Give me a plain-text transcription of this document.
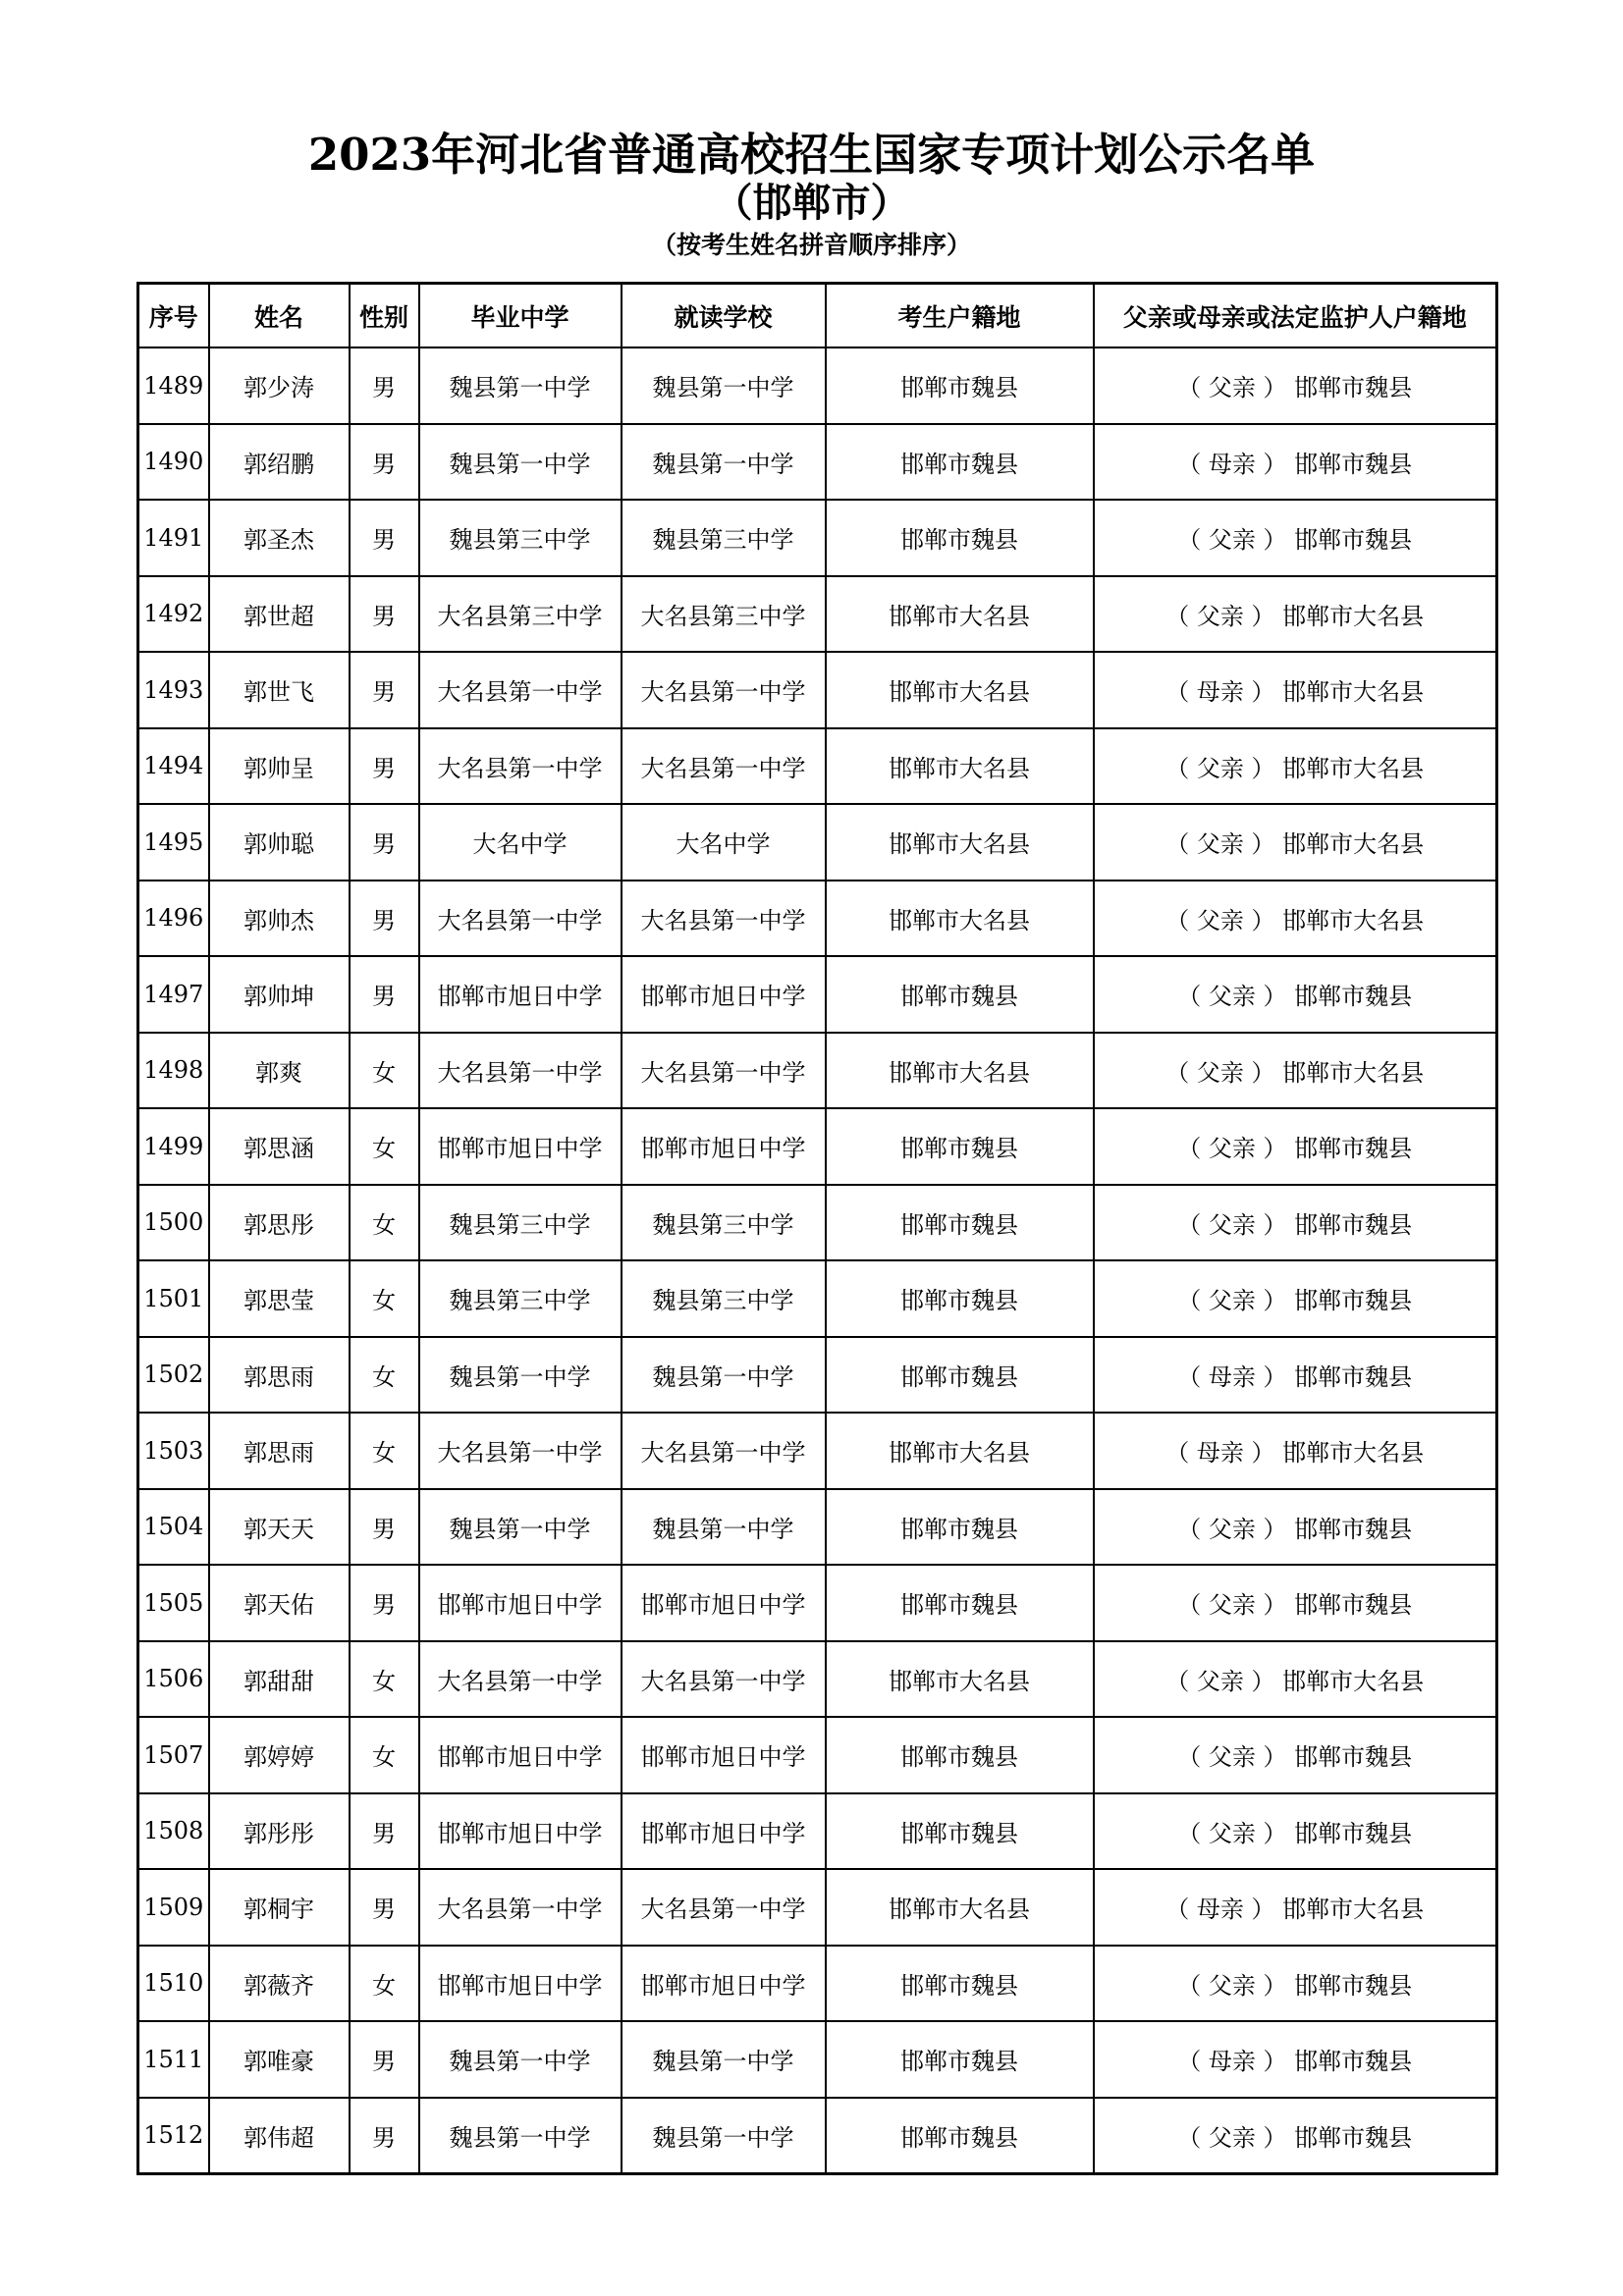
2023年河北省普通高校招生国家专项计划公示名单
（邯郸市）
（按考生姓名拼音顺序排序）
序号	姓名	性别	毕业中学	就读学校	考生户籍地	父亲或母亲或法定监护人户籍地
1489	郭少涛	男	魏县第一中学	魏县第一中学	邯郸市魏县	（ 父亲 ） 邯郸市魏县
1490	郭绍鹏	男	魏县第一中学	魏县第一中学	邯郸市魏县	（ 母亲 ） 邯郸市魏县
1491	郭圣杰	男	魏县第三中学	魏县第三中学	邯郸市魏县	（ 父亲 ） 邯郸市魏县
1492	郭世超	男	大名县第三中学	大名县第三中学	邯郸市大名县	（ 父亲 ） 邯郸市大名县
1493	郭世飞	男	大名县第一中学	大名县第一中学	邯郸市大名县	（ 母亲 ） 邯郸市大名县
1494	郭帅呈	男	大名县第一中学	大名县第一中学	邯郸市大名县	（ 父亲 ） 邯郸市大名县
1495	郭帅聪	男	大名中学	大名中学	邯郸市大名县	（ 父亲 ） 邯郸市大名县
1496	郭帅杰	男	大名县第一中学	大名县第一中学	邯郸市大名县	（ 父亲 ） 邯郸市大名县
1497	郭帅坤	男	邯郸市旭日中学	邯郸市旭日中学	邯郸市魏县	（ 父亲 ） 邯郸市魏县
1498	郭爽	女	大名县第一中学	大名县第一中学	邯郸市大名县	（ 父亲 ） 邯郸市大名县
1499	郭思涵	女	邯郸市旭日中学	邯郸市旭日中学	邯郸市魏县	（ 父亲 ） 邯郸市魏县
1500	郭思彤	女	魏县第三中学	魏县第三中学	邯郸市魏县	（ 父亲 ） 邯郸市魏县
1501	郭思莹	女	魏县第三中学	魏县第三中学	邯郸市魏县	（ 父亲 ） 邯郸市魏县
1502	郭思雨	女	魏县第一中学	魏县第一中学	邯郸市魏县	（ 母亲 ） 邯郸市魏县
1503	郭思雨	女	大名县第一中学	大名县第一中学	邯郸市大名县	（ 母亲 ） 邯郸市大名县
1504	郭天天	男	魏县第一中学	魏县第一中学	邯郸市魏县	（ 父亲 ） 邯郸市魏县
1505	郭天佑	男	邯郸市旭日中学	邯郸市旭日中学	邯郸市魏县	（ 父亲 ） 邯郸市魏县
1506	郭甜甜	女	大名县第一中学	大名县第一中学	邯郸市大名县	（ 父亲 ） 邯郸市大名县
1507	郭婷婷	女	邯郸市旭日中学	邯郸市旭日中学	邯郸市魏县	（ 父亲 ） 邯郸市魏县
1508	郭彤彤	男	邯郸市旭日中学	邯郸市旭日中学	邯郸市魏县	（ 父亲 ） 邯郸市魏县
1509	郭桐宇	男	大名县第一中学	大名县第一中学	邯郸市大名县	（ 母亲 ） 邯郸市大名县
1510	郭薇齐	女	邯郸市旭日中学	邯郸市旭日中学	邯郸市魏县	（ 父亲 ） 邯郸市魏县
1511	郭唯豪	男	魏县第一中学	魏县第一中学	邯郸市魏县	（ 母亲 ） 邯郸市魏县
1512	郭伟超	男	魏县第一中学	魏县第一中学	邯郸市魏县	（ 父亲 ） 邯郸市魏县
